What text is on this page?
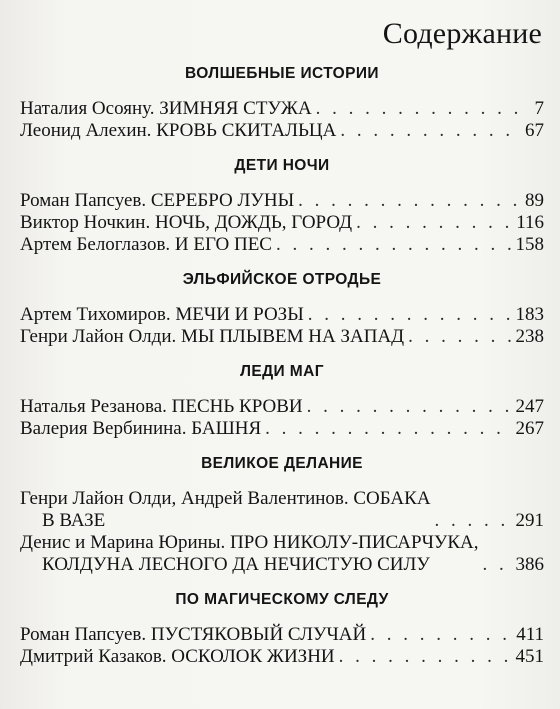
Содержание
ВОЛШЕБНЫЕ ИСТОРИИ
Наталия Осояну. ЗИМНЯЯ СТУЖА . . .	7
Леонид Алехин. КРОВЬ СКИТАЛЬЦА . . .	67
ДЕТИ НОЧИ
Роман Папсуев. СЕРЕБРО ЛУНЫ . . .	89
Виктор Ночкин. НОЧЬ, ДОЖДЬ, ГОРОД . . .	116
Артем Белоглазов. И ЕГО ПЕС . . .	158
ЭЛЬФИЙСКОЕ ОТРОДЬЕ
Артем Тихомиров. МЕЧИ И РОЗЫ . . .	183
Генри Лайон Олди. МЫ ПЛЫВЕМ НА ЗАПАД . . .	238
ЛЕДИ МАГ
Наталья Резанова. ПЕСНЬ КРОВИ . . .	247
Валерия Вербинина. БАШНЯ . . .	267
ВЕЛИКОЕ ДЕЛАНИЕ
Генри Лайон Олди, Андрей Валентинов. СОБАКА
В ВАЗЕ . . .	291
Денис и Марина Юрины. ПРО НИКОЛУ-ПИСАРЧУКА,
КОЛДУНА ЛЕСНОГО ДА НЕЧИСТУЮ СИЛУ . . .	386
ПО МАГИЧЕСКОМУ СЛЕДУ
Роман Папсуев. ПУСТЯКОВЫЙ СЛУЧАЙ . . .	411
Дмитрий Казаков. ОСКОЛОК ЖИЗНИ . . .	451
